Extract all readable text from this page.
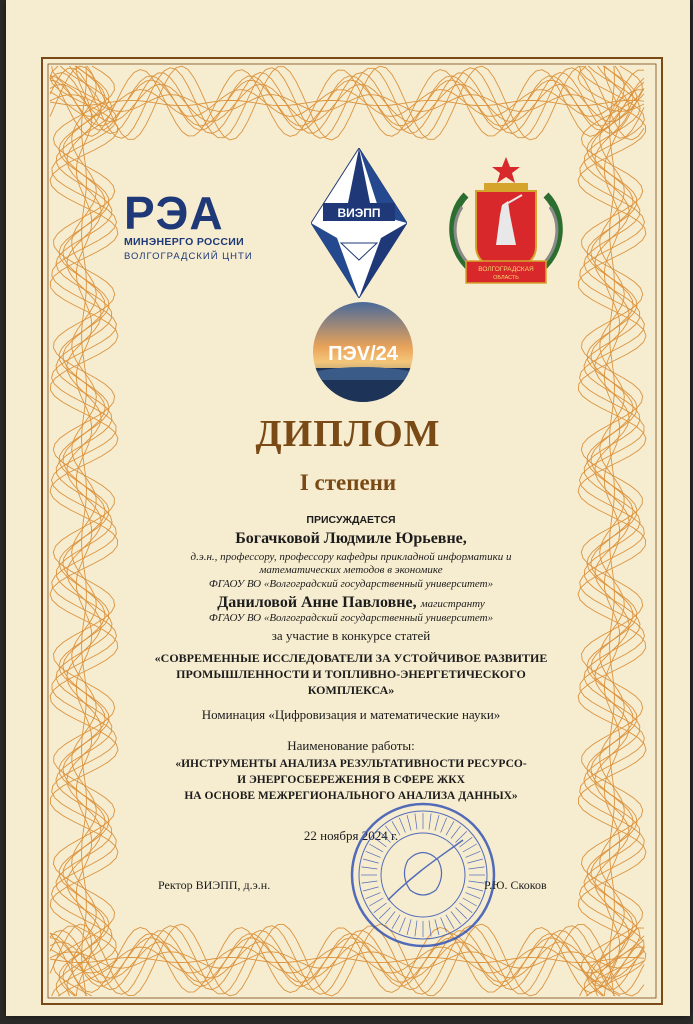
РЭА
МИНЭНЕРГО РОССИИ
ВОЛГОГРАДСКИЙ ЦНТИ
ВИЭПП
ВОЛГОГРАДСКАЯ
ОБЛАСТЬ
ПЭV/24
ДИПЛОМ
I степени
ПРИСУЖДАЕТСЯ
Богачковой Людмиле Юрьевне,
д.э.н., профессору, профессору кафедры прикладной информатики и
математических методов в экономике
ФГАОУ ВО «Волгоградский государственный университет»
Даниловой Анне Павловне, магистранту
ФГАОУ ВО «Волгоградский государственный университет»
за участие в конкурсе статей
«СОВРЕМЕННЫЕ ИССЛЕДОВАТЕЛИ ЗА УСТОЙЧИВОЕ РАЗВИТИЕ
ПРОМЫШЛЕННОСТИ И ТОПЛИВНО-ЭНЕРГЕТИЧЕСКОГО
КОМПЛЕКСА»
Номинация «Цифровизация и математические науки»
Наименование работы:
«ИНСТРУМЕНТЫ АНАЛИЗА РЕЗУЛЬТАТИВНОСТИ РЕСУРСО-
И ЭНЕРГОСБЕРЕЖЕНИЯ В СФЕРЕ ЖКХ
НА ОСНОВЕ МЕЖРЕГИОНАЛЬНОГО АНАЛИЗА ДАННЫХ»
22 ноября 2024 г.
Ректор ВИЭПП, д.э.н.	Р.Ю. Скоков
